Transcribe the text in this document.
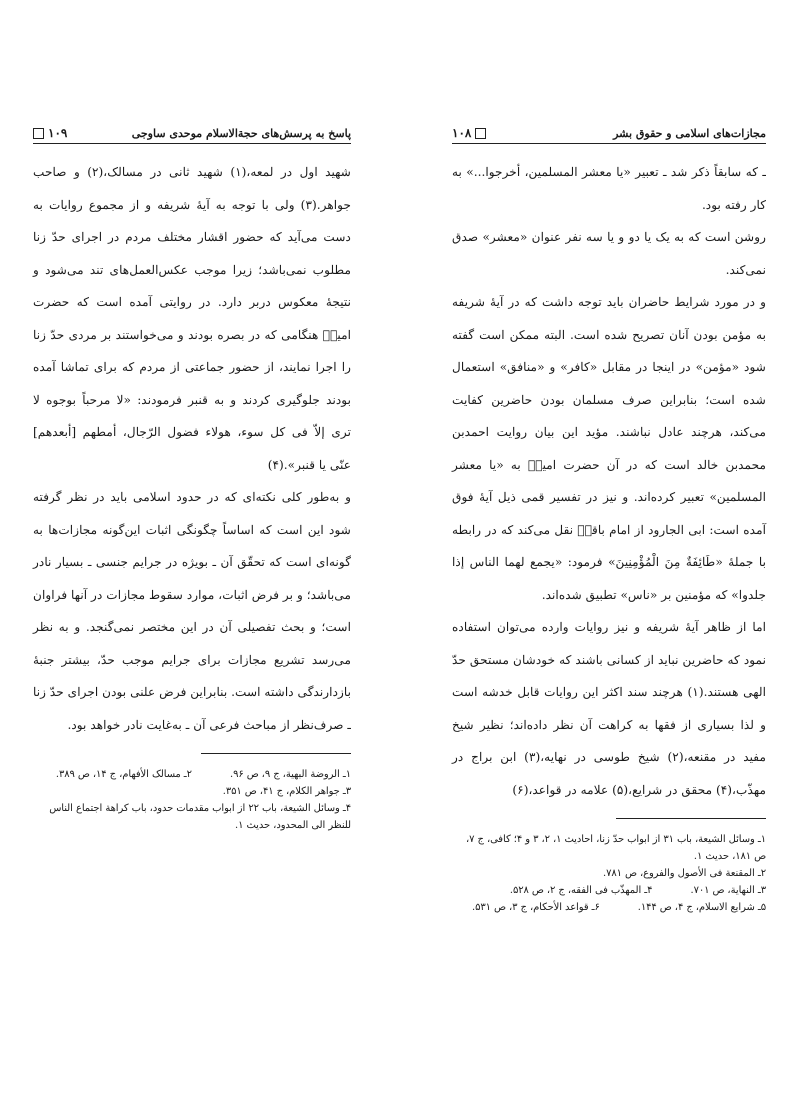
مجازات‌های اسلامی و حقوق بشر
۱۰۸

ـ که سابقاً ذکر شد ـ تعبیر «یا معشر المسلمین، أخرجوا...» به کار رفته بود.

روشن است که به یک یا دو و یا سه نفر عنوان «معشر» صدق نمی‌کند.

و در مورد شرایط حاضران باید توجه داشت که در آیهٔ شریفه به مؤمن بودن آنان تصریح شده است. البته ممکن است گفته شود «مؤمن» در اینجا در مقابل «کافر» و «منافق» استعمال شده است؛ بنابراین صرف مسلمان بودن حاضرین کفایت می‌کند، هرچند عادل نباشند. مؤید این بیان روایت احمدبن محمدبن خالد است که در آن حضرت امیرؑ به «یا معشر المسلمین» تعبیر کرده‌اند. و نیز در تفسیر قمی ذیل آیهٔ فوق آمده است: ابی الجارود از امام باقرؑ نقل می‌کند که در رابطه با جملهٔ «طَائِفَةٌ مِنَ الْمُؤْمِنِینَ» فرمود: «یجمع لهما الناس إذا جلدوا» که مؤمنین بر «ناس» تطبیق شده‌اند.

اما از ظاهر آیهٔ شریفه و نیز روایات وارده می‌توان استفاده نمود که حاضرین نباید از کسانی باشند که خودشان مستحق حدّ الهی هستند.(۱) هرچند سند اکثر این روایات قابل خدشه است و لذا بسیاری از فقها به کراهت آن نظر داده‌اند؛ نظیر شیخ مفید در مقنعه،(۲) شیخ طوسی در نهایه،(۳) ابن براج در مهذّب،(۴) محقق در شرایع،(۵) علامه در قواعد،(۶)

۱ـ وسائل الشیعة، باب ۳۱ از ابواب حدّ زنا، احادیث ۱، ۲، ۳ و ۴؛ کافی، ج ۷، ص ۱۸۱، حدیث ۱.
۲ـ المقنعة فی الأصول والفروع، ص ۷۸۱.
۳ـ النهایة، ص ۷۰۱.
۴ـ المهذّب فی الفقه، ج ۲، ص ۵۲۸.
۵ـ شرایع الاسلام، ج ۴، ص ۱۴۴.
۶ـ قواعد الأحکام، ج ۳، ص ۵۳۱.
پاسخ به پرسش‌های حجةالاسلام موحدی ساوجی
۱۰۹

شهید اول در لمعه،(۱) شهید ثانی در مسالک،(۲) و صاحب جواهر.(۳) ولی با توجه به آیهٔ شریفه و از مجموع روایات به دست می‌آید که حضور اقشار مختلف مردم در اجرای حدّ زنا مطلوب نمی‌باشد؛ زیرا موجب عکس‌العمل‌های تند می‌شود و نتیجهٔ معکوس دربر دارد. در روایتی آمده است که حضرت امیرؑ هنگامی که در بصره بودند و می‌خواستند بر مردی حدّ زنا را اجرا نمایند، از حضور جماعتی از مردم که برای تماشا آمده بودند جلوگیری کردند و به قنبر فرمودند: «لا مرحباً بوجوه لا تری إلاّ فی کل سوء، هولاء فضول الرّجال، أمطهم [أبعدهم] عنّی یا قنبر».(۴)

و به‌طور کلی نکته‌ای که در حدود اسلامی باید در نظر گرفته شود این است که اساساً چگونگی اثبات این‌گونه مجازات‌ها به گونه‌ای است که تحقّق آن ـ بویژه در جرایم جنسی ـ بسیار نادر می‌باشد؛ و بر فرض اثبات، موارد سقوط مجازات در آنها فراوان است؛ و بحث تفصیلی آن در این مختصر نمی‌گنجد. و به نظر می‌رسد تشریع مجازات برای جرایم موجب حدّ، بیشتر جنبهٔ بازدارندگی داشته است. بنابراین فرض علنی بودن اجرای حدّ زنا ـ صرف‌نظر از مباحث فرعی آن ـ به‌غایت نادر خواهد بود.

۱ـ الروضة البهیة، ج ۹، ص ۹۶.
۲ـ مسالک الأفهام، ج ۱۴، ص ۳۸۹.
۳ـ جواهر الکلام، ج ۴۱، ص ۳۵۱.
۴ـ وسائل الشیعة، باب ۲۲ از ابواب مقدمات حدود، باب کراهة اجتماع الناس للنظر الی المحدود، حدیث ۱.
